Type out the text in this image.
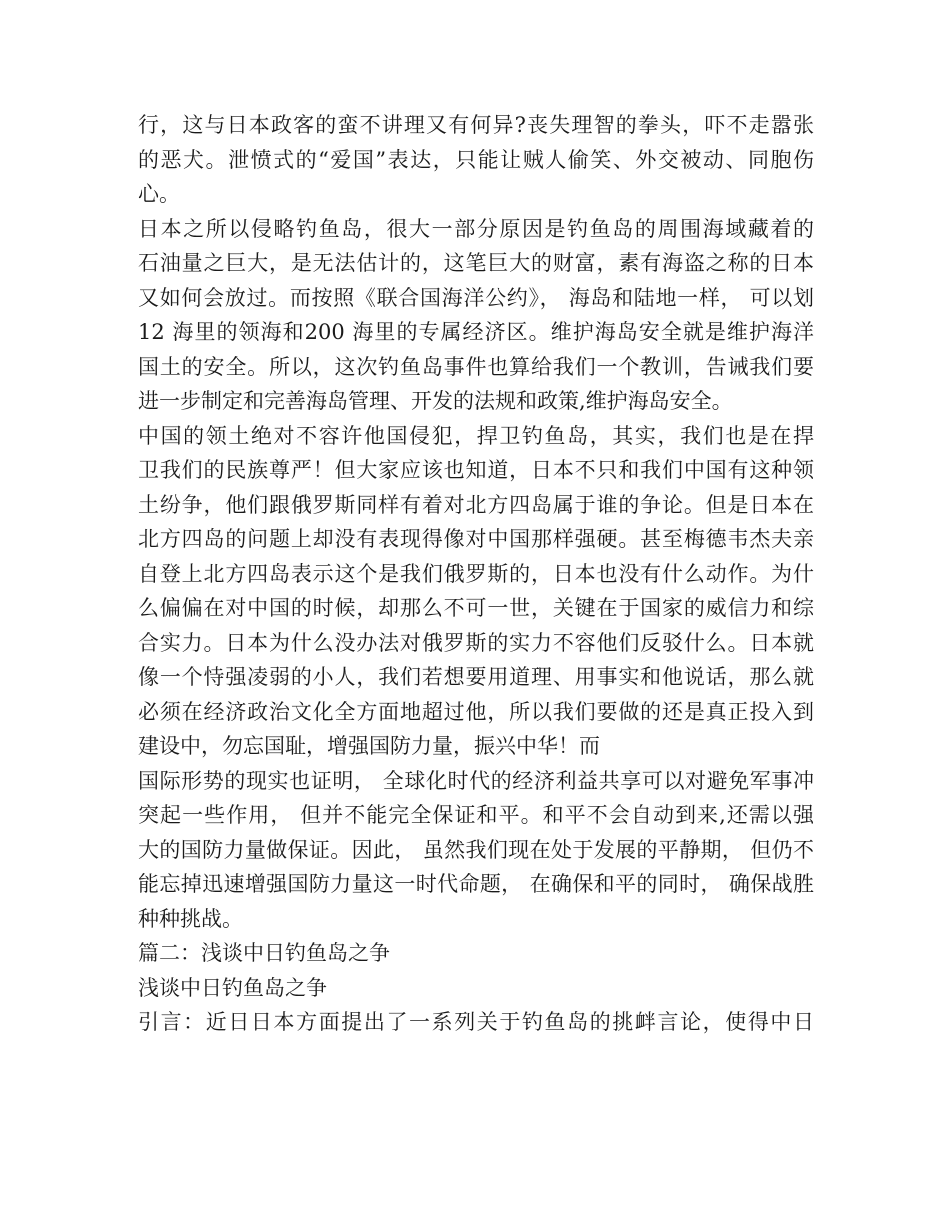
行，这与日本政客的蛮不讲理又有何异?丧失理智的拳头，吓不走嚣张
的恶犬。泄愤式的“爱国”表达，只能让贼人偷笑、外交被动、同胞伤
心。
日本之所以侵略钓鱼岛，很大一部分原因是钓鱼岛的周围海域藏着的
石油量之巨大，是无法估计的，这笔巨大的财富，素有海盗之称的日本
又如何会放过。而按照《联合国海洋公约》， 海岛和陆地一样， 可以划
12 海里的领海和200 海里的专属经济区。维护海岛安全就是维护海洋
国土的安全。所以，这次钓鱼岛事件也算给我们一个教训，告诫我们要
进一步制定和完善海岛管理、开发的法规和政策,维护海岛安全。
中国的领土绝对不容许他国侵犯，捍卫钓鱼岛，其实，我们也是在捍
卫我们的民族尊严！但大家应该也知道，日本不只和我们中国有这种领
土纷争，他们跟俄罗斯同样有着对北方四岛属于谁的争论。但是日本在
北方四岛的问题上却没有表现得像对中国那样强硬。甚至梅德韦杰夫亲
自登上北方四岛表示这个是我们俄罗斯的，日本也没有什么动作。为什
么偏偏在对中国的时候，却那么不可一世，关键在于国家的威信力和综
合实力。日本为什么没办法对俄罗斯的实力不容他们反驳什么。日本就
像一个恃强凌弱的小人，我们若想要用道理、用事实和他说话，那么就
必须在经济政治文化全方面地超过他，所以我们要做的还是真正投入到
建设中，勿忘国耻，增强国防力量，振兴中华！而
国际形势的现实也证明， 全球化时代的经济利益共享可以对避免军事冲
突起一些作用， 但并不能完全保证和平。和平不会自动到来,还需以强
大的国防力量做保证。因此， 虽然我们现在处于发展的平静期， 但仍不
能忘掉迅速增强国防力量这一时代命题， 在确保和平的同时， 确保战胜
种种挑战。
篇二：浅谈中日钓鱼岛之争
浅谈中日钓鱼岛之争
引言：近日日本方面提出了一系列关于钓鱼岛的挑衅言论，使得中日
